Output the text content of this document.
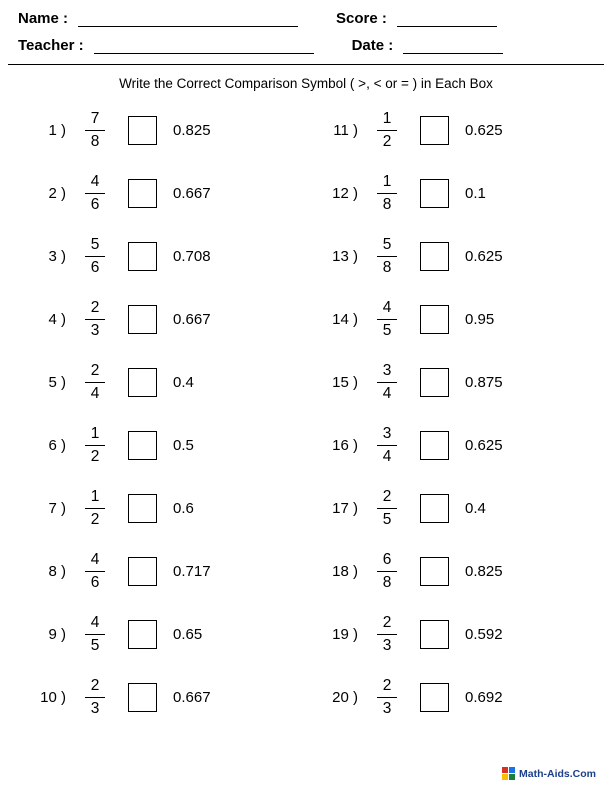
Name :	Score :
Teacher :	Date :
Write the Correct Comparison Symbol ( >, < or = ) in Each Box
1 ) $\frac{7}{8}$	0.825	11 ) $\frac{1}{2}$	0.625
2 ) $\frac{4}{6}$	0.667	12 ) $\frac{1}{8}$	0.1
3 ) $\frac{5}{6}$	0.708	13 ) $\frac{5}{8}$	0.625
4 ) $\frac{2}{3}$	0.667	14 ) $\frac{4}{5}$	0.95
5 ) $\frac{2}{4}$	0.4	15 ) $\frac{3}{4}$	0.875
6 ) $\frac{1}{2}$	0.5	16 ) $\frac{3}{4}$	0.625
7 ) $\frac{1}{2}$	0.6	17 ) $\frac{2}{5}$	0.4
8 ) $\frac{4}{6}$	0.717	18 ) $\frac{6}{8}$	0.825
9 ) $\frac{4}{5}$	0.65	19 ) $\frac{2}{3}$	0.592
10 ) $\frac{2}{3}$	0.667	20 ) $\frac{2}{3}$	0.692
Math-Aids.Com
